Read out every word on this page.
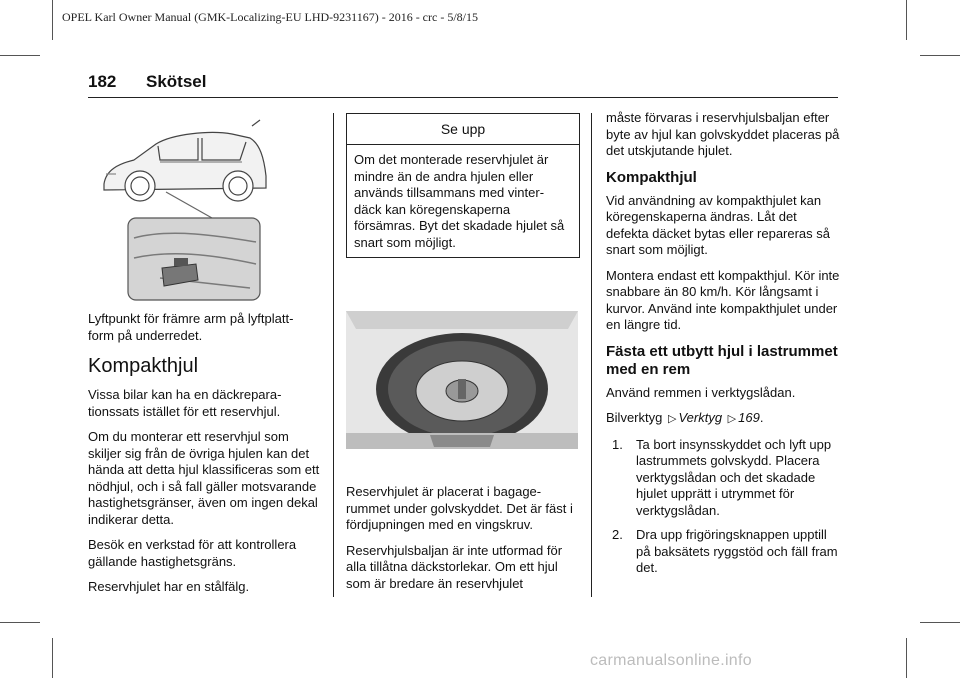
OPEL Karl Owner Manual (GMK-Localizing-EU LHD-9231167) - 2016 - crc - 5/8/15
182 Skötsel

Lyftpunkt för främre arm på lyftplatt- form på underredet.

Kompakthjul

Vissa bilar kan ha en däckrepara- tionssats istället för ett reservhjul.

Om du monterar ett reservhjul som skiljer sig från de övriga hjulen kan det hända att detta hjul klassificeras som ett nödhjul, och i så fall gäller motsvarande hastighetsgränser, även om ingen dekal indikerar detta.

Besök en verkstad för att kontrollera gällande hastighetsgräns.

Reservhjulet har en stålfälg.

Se upp
Om det monterade reservhjulet är mindre än de andra hjulen eller används tillsammans med vinter- däck kan köregenskaperna försämras. Byt det skadade hjulet så snart som möjligt.

Reservhjulet är placerat i bagage- rummet under golvskyddet. Det är fäst i fördjupningen med en vingskruv.

Reservhjulsbaljan är inte utformad för alla tillåtna däckstorlekar. Om ett hjul som är bredare än reservhjulet

måste förvaras i reservhjulsbaljan efter byte av hjul kan golvskyddet placeras på det utskjutande hjulet.

Kompakthjul

Vid användning av kompakthjulet kan köregenskaperna ändras. Låt det defekta däcket bytas eller repareras så snart som möjligt.

Montera endast ett kompakthjul. Kör inte snabbare än 80 km/h. Kör långsamt i kurvor. Använd inte kompakthjulet under en längre tid.

Fästa ett utbytt hjul i lastrummet med en rem

Använd remmen i verktygslådan.

Bilverktyg ▷ Verktyg ▷ 169.

1. Ta bort insynsskyddet och lyft upp lastrummets golvskydd. Placera verktygslådan och det skadade hjulet upprätt i utrymmet för verktygslådan.
2. Dra upp frigöringsknappen upptill på baksätets ryggstöd och fäll fram det.
carmanualsonline.info
